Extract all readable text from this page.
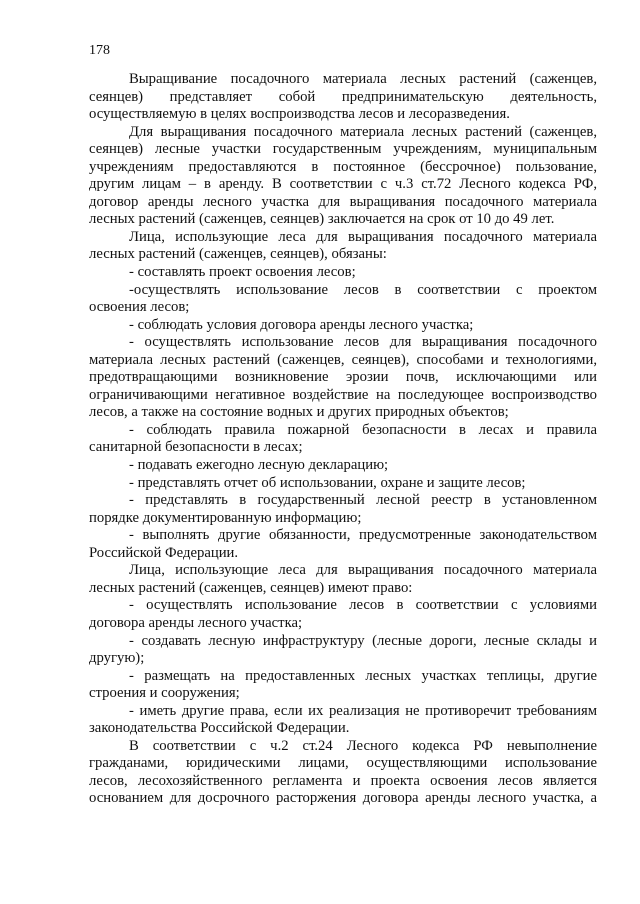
178
Выращивание посадочного материала лесных растений (саженцев,
сеянцев) представляет собой предпринимательскую деятельность,
осуществляемую в целях воспроизводства лесов и лесоразведения.
Для выращивания посадочного материала лесных растений (саженцев,
сеянцев) лесные участки государственным учреждениям, муниципальным
учреждениям предоставляются в постоянное (бессрочное) пользование,
другим лицам – в аренду. В соответствии с ч.3 ст.72 Лесного кодекса РФ,
договор аренды лесного участка для выращивания посадочного материала
лесных растений (саженцев, сеянцев) заключается на срок от 10 до 49 лет.
Лица, использующие леса для выращивания посадочного материала
лесных растений (саженцев, сеянцев), обязаны:
- составлять проект освоения лесов;
-осуществлять использование лесов в соответствии с проектом
освоения лесов;
- соблюдать условия договора аренды лесного участка;
- осуществлять использование лесов для выращивания посадочного
материала лесных растений (саженцев, сеянцев), способами и технологиями,
предотвращающими возникновение эрозии почв, исключающими или
ограничивающими негативное воздействие на последующее воспроизводство
лесов, а также на состояние водных и других природных объектов;
- соблюдать правила пожарной безопасности в лесах и правила
санитарной безопасности в лесах;
- подавать ежегодно лесную декларацию;
- представлять отчет об использовании, охране и защите лесов;
- представлять в государственный лесной реестр в установленном
порядке документированную информацию;
- выполнять другие обязанности, предусмотренные законодательством
Российской Федерации.
Лица, использующие леса для выращивания посадочного материала
лесных растений (саженцев, сеянцев) имеют право:
- осуществлять использование лесов в соответствии с условиями
договора аренды лесного участка;
- создавать лесную инфраструктуру (лесные дороги, лесные склады и
другую);
- размещать на предоставленных лесных участках теплицы, другие
строения и сооружения;
- иметь другие права, если их реализация не противоречит требованиям
законодательства Российской Федерации.
В соответствии с ч.2 ст.24 Лесного кодекса РФ невыполнение
гражданами, юридическими лицами, осуществляющими использование
лесов, лесохозяйственного регламента и проекта освоения лесов является
основанием для досрочного расторжения договора аренды лесного участка, а
